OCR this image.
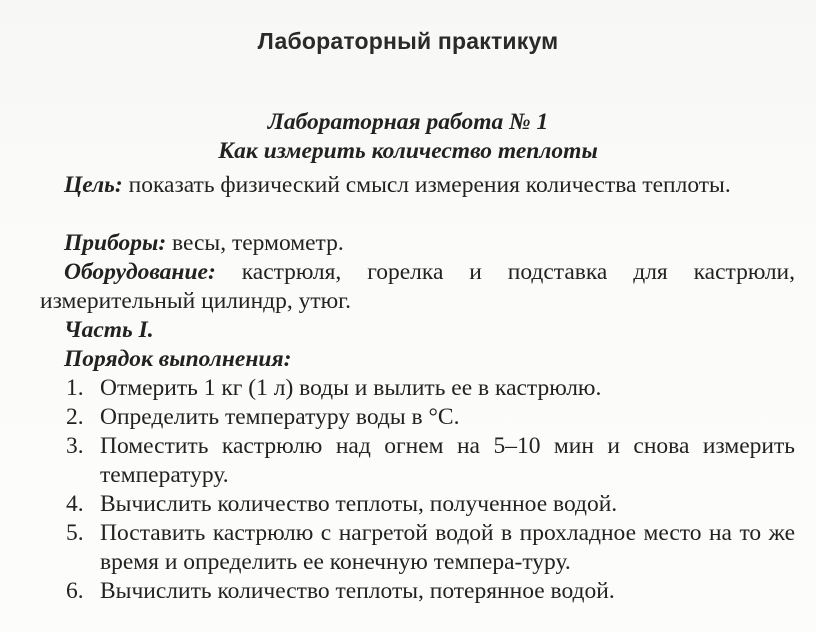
Лабораторный практикум
Лабораторная работа № 1
Как измерить количество теплоты
Цель: показать физический смысл измерения количества теплоты.
Приборы: весы, термометр.
Оборудование: кастрюля, горелка и подставка для кастрюли, измерительный цилиндр, утюг.
Часть I.
Порядок выполнения:
1. Отмерить 1 кг (1 л) воды и вылить ее в кастрюлю.
2. Определить температуру воды в °С.
3. Поместить кастрюлю над огнем на 5–10 мин и снова измерить температуру.
4. Вычислить количество теплоты, полученное водой.
5. Поставить кастрюлю с нагретой водой в прохладное место на то же время и определить ее конечную темпера-туру.
6. Вычислить количество теплоты, потерянное водой.
